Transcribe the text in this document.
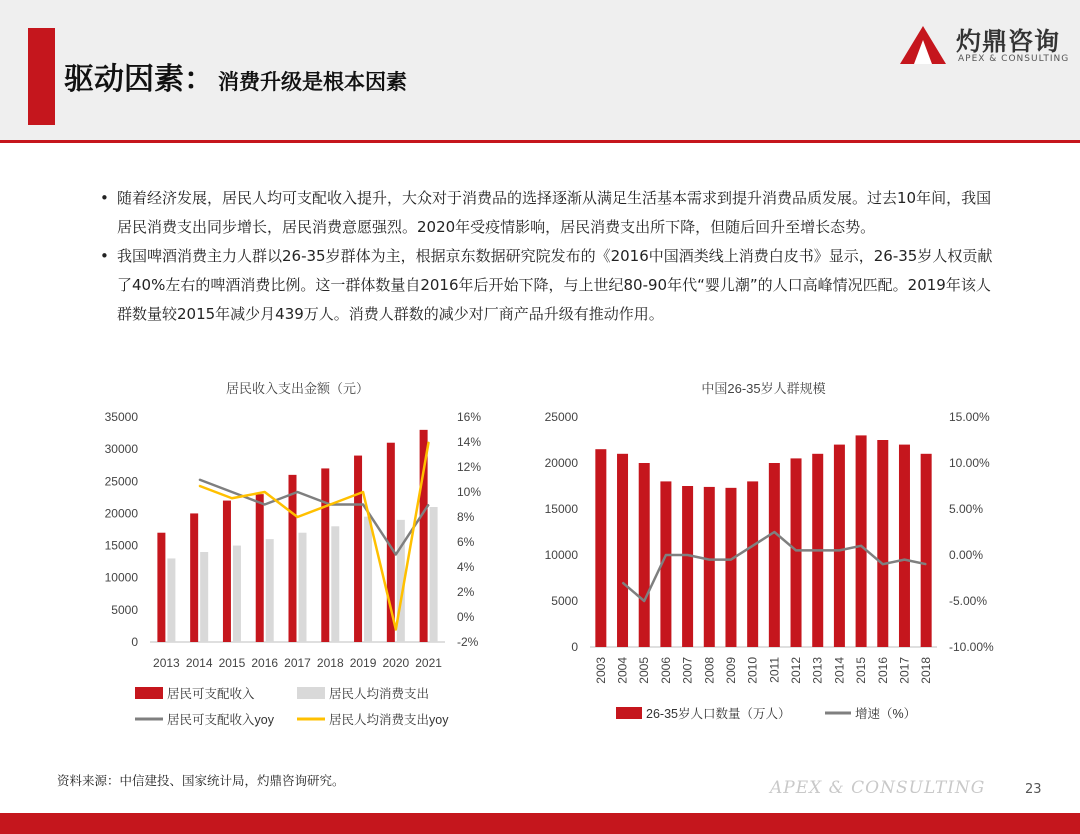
驱动因素： 消费升级是根本因素
灼鼎咨询
APEX & CONSULTING
• 随着经济发展，居民人均可支配收入提升，大众对于消费品的选择逐渐从满足生活基本需求到提升消费品质发展。过去10年间，我国居民消费支出同步增长，居民消费意愿强烈。2020年受疫情影响，居民消费支出所下降，但随后回升至增长态势。
• 我国啤酒消费主力人群以26-35岁群体为主，根据京东数据研究院发布的《2016中国酒类线上消费白皮书》显示，26-35岁人权贡献了40%左右的啤酒消费比例。这一群体数量自2016年后开始下降，与上世纪80-90年代“婴儿潮”的人口高峰情况匹配。2019年该人群数量较2015年减少月439万人。消费人群数的减少对厂商产品升级有推动作用。
居民收入支出金额（元）
0
5000
10000
15000
20000
25000
30000
35000
-2%
0%
2%
4%
6%
8%
10%
12%
14%
16%
2013 2014 2015 2016 2017 2018 2019 2020 2021
居民可支配收入	居民人均消费支出
居民可支配收入yoy	居民人均消费支出yoy
中国26-35岁人群规模
0
5000
10000
15000
20000
25000
-10.00%
-5.00%
0.00%
5.00%
10.00%
15.00%
2003 2004 2005 2006 2007 2008 2009 2010 2011 2012 2013 2014 2015 2016 2017 2018
26-35岁人口数量（万人）	增速（%）
资料来源：中信建投、国家统计局，灼鼎咨询研究。	APEX & CONSULTING	23
